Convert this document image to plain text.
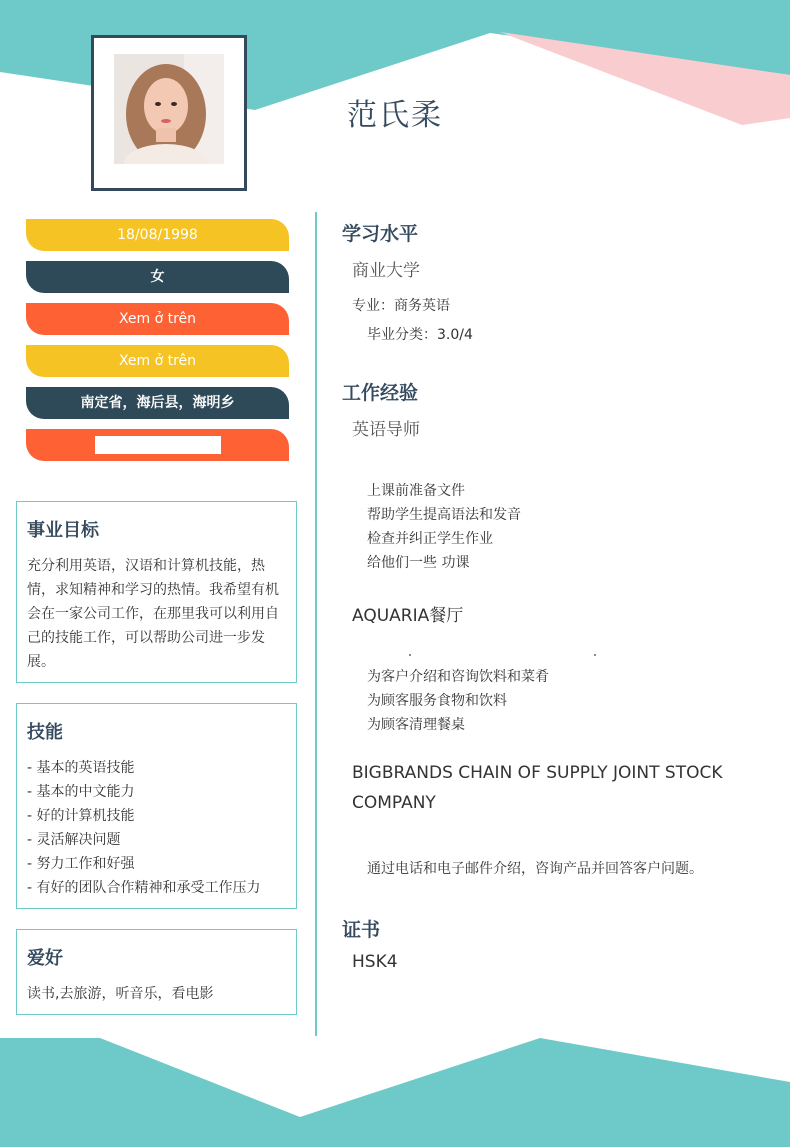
范氏柔
18/08/1998
女
Xem ở trên
Xem ở trên
南定省，海后县，海明乡
事业目标

充分利用英语，汉语和计算机技能，热情，求知精神和学习的热情。我希望有机会在一家公司工作，在那里我可以利用自己的技能工作，可以帮助公司进一步发展。

技能
- 基本的英语技能
- 基本的中文能力
- 好的计算机技能
- 灵活解决问题
- 努力工作和好强
- 有好的团队合作精神和承受工作压力
爱好

读书,去旅游，听音乐，看电影

学习水平
商业大学
专业：商务英语
毕业分类：3.0/4
工作经验
英语导师
上课前准备文件
帮助学生提高语法和发音
检查并纠正学生作业
给他们一些 功课
AQUARIA餐厅
为客户介绍和咨询饮料和菜肴
为顾客服务食物和饮料
为顾客清理餐桌
BIGBRANDS CHAIN OF SUPPLY JOINT STOCK COMPANY
通过电话和电子邮件介绍，咨询产品并回答客户问题。
证书
HSK4
